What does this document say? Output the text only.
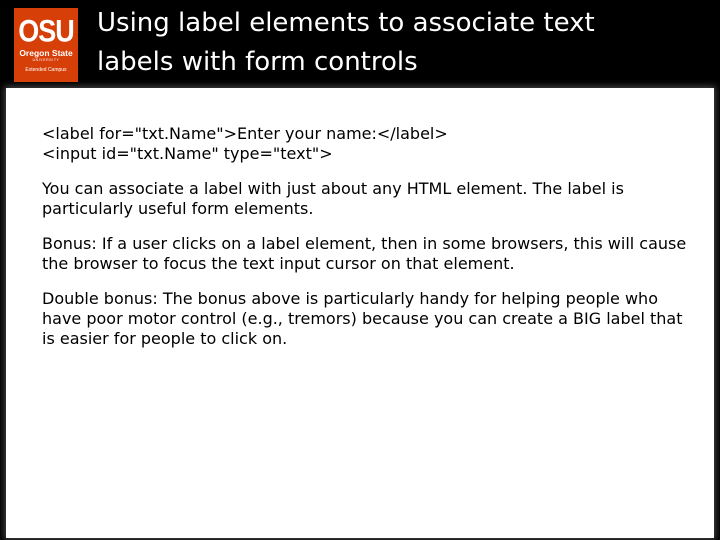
OSU
Oregon State
UNIVERSITY
Extended Campus
Using label elements to associate text labels with form controls

<label for="txt.Name">Enter your name:</label>
<input id="txt.Name" type="text">

You can associate a label with just about any HTML element. The label is particularly useful form elements.

Bonus: If a user clicks on a label element, then in some browsers, this will cause the browser to focus the text input cursor on that element.

Double bonus: The bonus above is particularly handy for helping people who have poor motor control (e.g., tremors) because you can create a BIG label that is easier for people to click on.
